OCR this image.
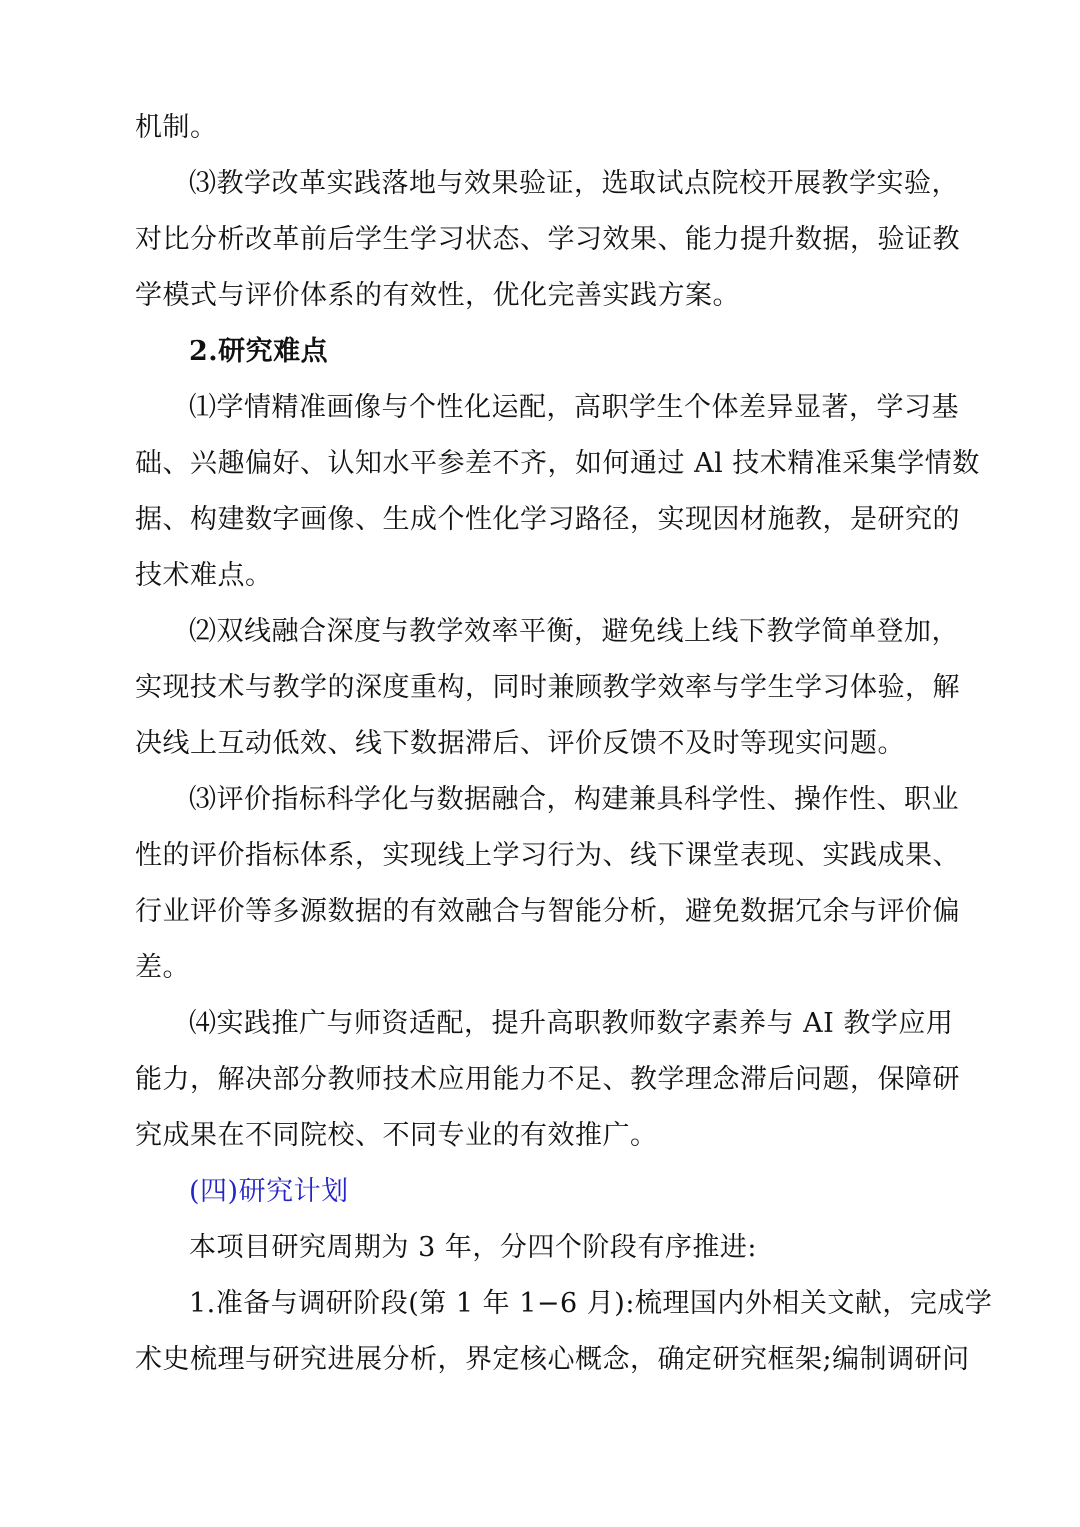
机制。
⑶教学改革实践落地与效果验证，选取试点院校开展教学实验，
对比分析改革前后学生学习状态、学习效果、能力提升数据，验证教
学模式与评价体系的有效性，优化完善实践方案。
2.研究难点
⑴学情精准画像与个性化运配，高职学生个体差异显著，学习基
础、兴趣偏好、认知水平参差不齐，如何通过 Al 技术精准采集学情数
据、构建数字画像、生成个性化学习路径，实现因材施教，是研究的
技术难点。
⑵双线融合深度与教学效率平衡，避免线上线下教学简单登加，
实现技术与教学的深度重构，同时兼顾教学效率与学生学习体验，解
决线上互动低效、线下数据滞后、评价反馈不及时等现实问题。
⑶评价指标科学化与数据融合，构建兼具科学性、操作性、职业
性的评价指标体系，实现线上学习行为、线下课堂表现、实践成果、
行业评价等多源数据的有效融合与智能分析，避免数据冗余与评价偏
差。
⑷实践推广与师资适配，提升高职教师数字素养与 AI 教学应用
能力，解决部分教师技术应用能力不足、教学理念滞后问题，保障研
究成果在不同院校、不同专业的有效推广。
(四)研究计划
本项目研究周期为 3 年，分四个阶段有序推进:
1.准备与调研阶段(第 1 年 1−6 月):梳理国内外相关文献，完成学
术史梳理与研究进展分析，界定核心概念，确定研究框架;编制调研问
